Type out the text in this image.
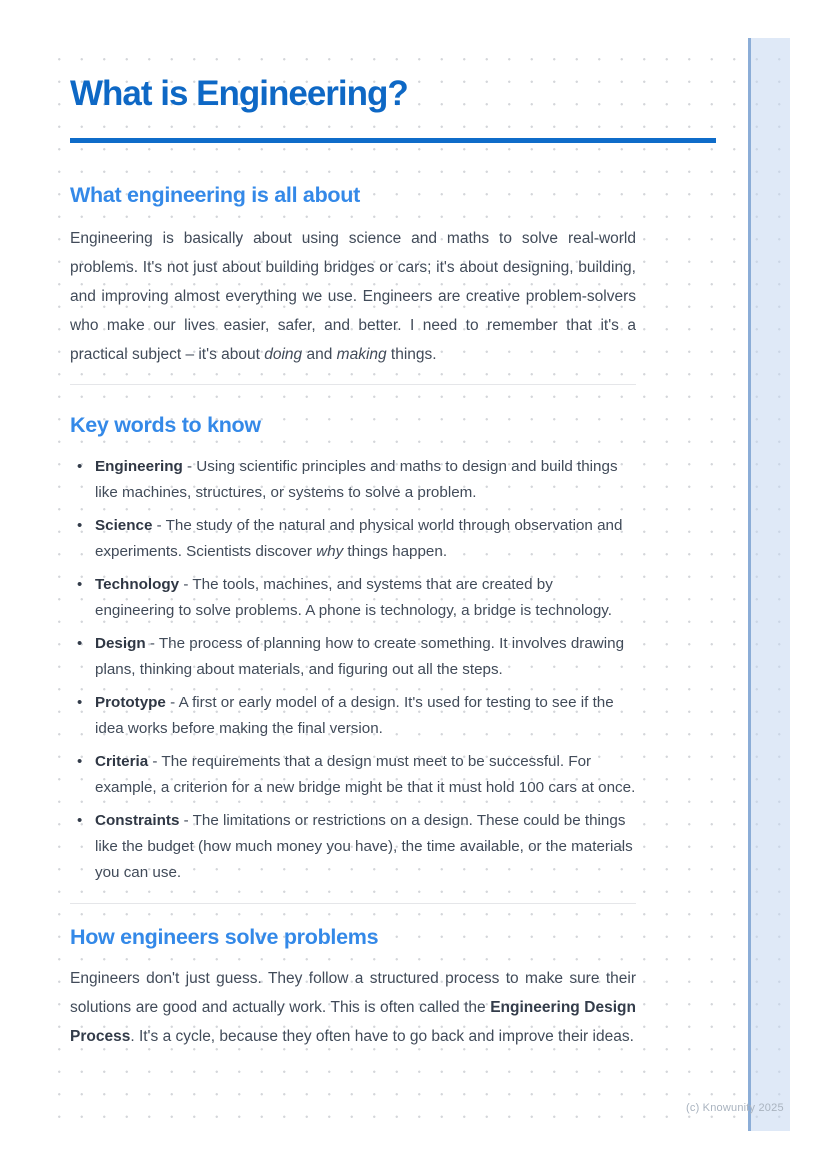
What is Engineering?
What engineering is all about

Engineering is basically about using science and maths to solve real-world problems. It's not just about building bridges or cars; it's about designing, building, and improving almost everything we use. Engineers are creative problem-solvers who make our lives easier, safer, and better. I need to remember that it's a practical subject – it's about doing and making things.

Key words to know
• Engineering - Using scientific principles and maths to design and build things like machines, structures, or systems to solve a problem.
• Science - The study of the natural and physical world through observation and experiments. Scientists discover why things happen.
• Technology - The tools, machines, and systems that are created by engineering to solve problems. A phone is technology, a bridge is technology.
• Design - The process of planning how to create something. It involves drawing plans, thinking about materials, and figuring out all the steps.
• Prototype - A first or early model of a design. It's used for testing to see if the idea works before making the final version.
• Criteria - The requirements that a design must meet to be successful. For example, a criterion for a new bridge might be that it must hold 100 cars at once.
• Constraints - The limitations or restrictions on a design. These could be things like the budget (how much money you have), the time available, or the materials you can use.
How engineers solve problems

Engineers don't just guess. They follow a structured process to make sure their solutions are good and actually work. This is often called the Engineering Design Process. It's a cycle, because they often have to go back and improve their ideas.

(c) Knowunity 2025
